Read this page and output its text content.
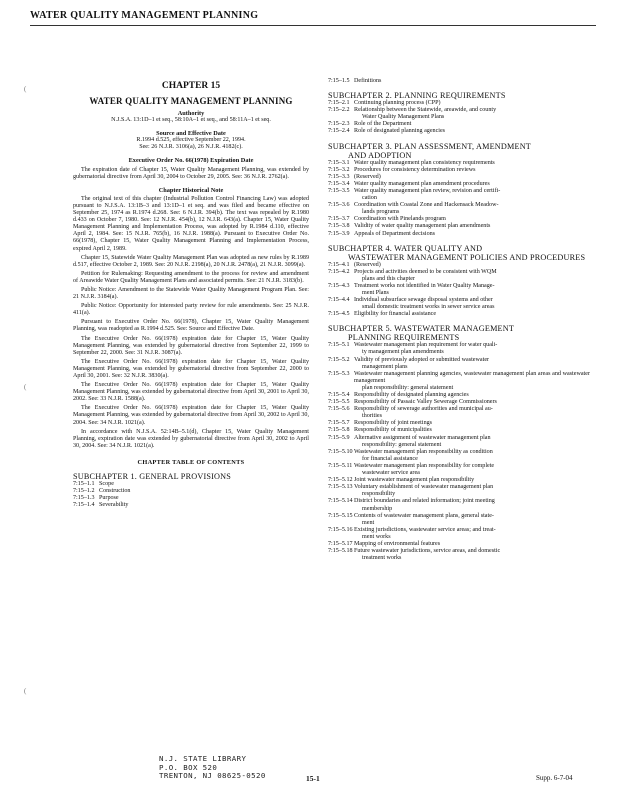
WATER QUALITY MANAGEMENT PLANNING
(
(
(
CHAPTER 15
WATER QUALITY MANAGEMENT PLANNING
Authority
N.J.S.A. 13:1D–1 et seq., 58:10A–1 et seq., and 58:11A–1 et seq.
Source and Effective Date
R.1994 d.525, effective September 22, 1994.
See: 26 N.J.R. 3106(a), 26 N.J.R. 4182(c).
Executive Order No. 66(1978) Expiration Date
The expiration date of Chapter 15, Water Quality Management Planning, was extended by gubernatorial directive from April 30, 2004 to October 29, 2005. See: 36 N.J.R. 2762(a).
Chapter Historical Note
The original text of this chapter (Industrial Pollution Control Financing Law) was adopted pursuant to N.J.S.A. 13:1B–3 and 13:1D–1 et seq. and was filed and became effective on September 25, 1974 as R.1974 d.268. See: 6 N.J.R. 394(b). The text was repealed by R.1980 d.433 on October 7, 1980. See: 12 N.J.R. 454(b), 12 N.J.R. 643(a). Chapter 15, Water Quality Management Planning and Implementation Process, was adopted by R.1984 d.110, effective April 2, 1984. See: 15 N.J.R. 765(b), 16 N.J.R. 1988(a). Pursuant to Executive Order No. 66(1978), Chapter 15, Water Quality Management Planning and Implementation Process, expired April 2, 1989.
Chapter 15, Statewide Water Quality Management Plan was adopted as new rules by R.1989 d.517, effective October 2, 1989. See: 20 N.J.R. 2198(a), 20 N.J.R. 2478(a), 21 N.J.R. 3099(a).
Petition for Rulemaking: Requesting amendment to the process for review and amendment of Areawide Water Quality Management Plans and associated permits. See: 21 N.J.R. 3183(b).
Public Notice: Amendment to the Statewide Water Quality Management Program Plan. See: 21 N.J.R. 3184(a).
Public Notice: Opportunity for interested party review for rule amendments. See: 25 N.J.R. 411(a).
Pursuant to Executive Order No. 66(1978), Chapter 15, Water Quality Management Planning, was readopted as R.1994 d.525. See: Source and Effective Date.
The Executive Order No. 66(1978) expiration date for Chapter 15, Water Quality Management Planning, was extended by gubernatorial directive from September 22, 1999 to September 22, 2000. See: 31 N.J.R. 3087(a).
The Executive Order No. 66(1978) expiration date for Chapter 15, Water Quality Management Planning, was extended by gubernatorial directive from September 22, 2000 to April 30, 2001. See: 32 N.J.R. 3830(a).
The Executive Order No. 66(1978) expiration date for Chapter 15, Water Quality Management Planning, was extended by gubernatorial directive from April 30, 2001 to April 30, 2002. See: 33 N.J.R. 1588(a).
The Executive Order No. 66(1978) expiration date for Chapter 15, Water Quality Management Planning, was extended by gubernatorial directive from April 30, 2002 to April 30, 2004. See: 34 N.J.R. 1021(a).
In accordance with N.J.S.A. 52:14B–5.1(d), Chapter 15, Water Quality Management Planning, expiration date was extended by gubernatorial directive from April 30, 2002 to April 30, 2004. See: 34 N.J.R. 1021(a).
CHAPTER TABLE OF CONTENTS
SUBCHAPTER 1. GENERAL PROVISIONS
7:15–1.1 Scope
7:15–1.2 Construction
7:15–1.3 Purpose
7:15–1.4 Severability
7:15–1.5 Definitions
SUBCHAPTER 2. PLANNING REQUIREMENTS
7:15–2.1 Continuing planning process (CPP)
7:15–2.2 Relationship between the Statewide, areawide, and county
Water Quality Management Plans
7:15–2.3 Role of the Department
7:15–2.4 Role of designated planning agencies
SUBCHAPTER 3. PLAN ASSESSMENT, AMENDMENT
AND ADOPTION
7:15–3.1 Water quality management plan consistency requirements
7:15–3.2 Procedures for consistency determination reviews
7:15–3.3 (Reserved)
7:15–3.4 Water quality management plan amendment procedures
7:15–3.5 Water quality management plan review, revision and certifi-
cation
7:15–3.6 Coordination with Coastal Zone and Hackensack Meadow-
lands programs
7:15–3.7 Coordination with Pinelands program
7:15–3.8 Validity of water quality management plan amendments
7:15–3.9 Appeals of Department decisions
SUBCHAPTER 4. WATER QUALITY AND
WASTEWATER MANAGEMENT POLICIES AND PROCEDURES
7:15–4.1 (Reserved)
7:15–4.2 Projects and activities deemed to be consistent with WQM
plans and this chapter
7:15–4.3 Treatment works not identified in Water Quality Manage-
ment Plans
7:15–4.4 Individual subsurface sewage disposal systems and other
small domestic treatment works in sewer service areas
7:15–4.5 Eligibility for financial assistance
SUBCHAPTER 5. WASTEWATER MANAGEMENT
PLANNING REQUIREMENTS
7:15–5.1 Wastewater management plan requirement for water quali-
ty management plan amendments
7:15–5.2 Validity of previously adopted or submitted wastewater
management plans
7:15–5.3 Wastewater management planning agencies, wastewater management plan areas and wastewater management
plan responsibility: general statement
7:15–5.4 Responsibility of designated planning agencies
7:15–5.5 Responsibility of Passaic Valley Sewerage Commissioners
7:15–5.6 Responsibility of sewerage authorities and municipal au-
thorities
7:15–5.7 Responsibility of joint meetings
7:15–5.8 Responsibility of municipalities
7:15–5.9 Alternative assignment of wastewater management plan
responsibility: general statement
7:15–5.10 Wastewater management plan responsibility as condition
for financial assistance
7:15–5.11 Wastewater management plan responsibility for complete
wastewater service area
7:15–5.12 Joint wastewater management plan responsibility
7:15–5.13 Voluntary establishment of wastewater management plan
responsibility
7:15–5.14 District boundaries and related information; joint meeting
membership
7:15–5.15 Contents of wastewater management plans, general state-
ment
7:15–5.16 Existing jurisdictions, wastewater service areas; and treat-
ment works
7:15–5.17 Mapping of environmental features
7:15–5.18 Future wastewater jurisdictions, service areas, and domestic
treatment works
N.J. STATE LIBRARY
P.O. BOX 520
TRENTON, NJ 08625-0520	15-1	Supp. 6-7-04
